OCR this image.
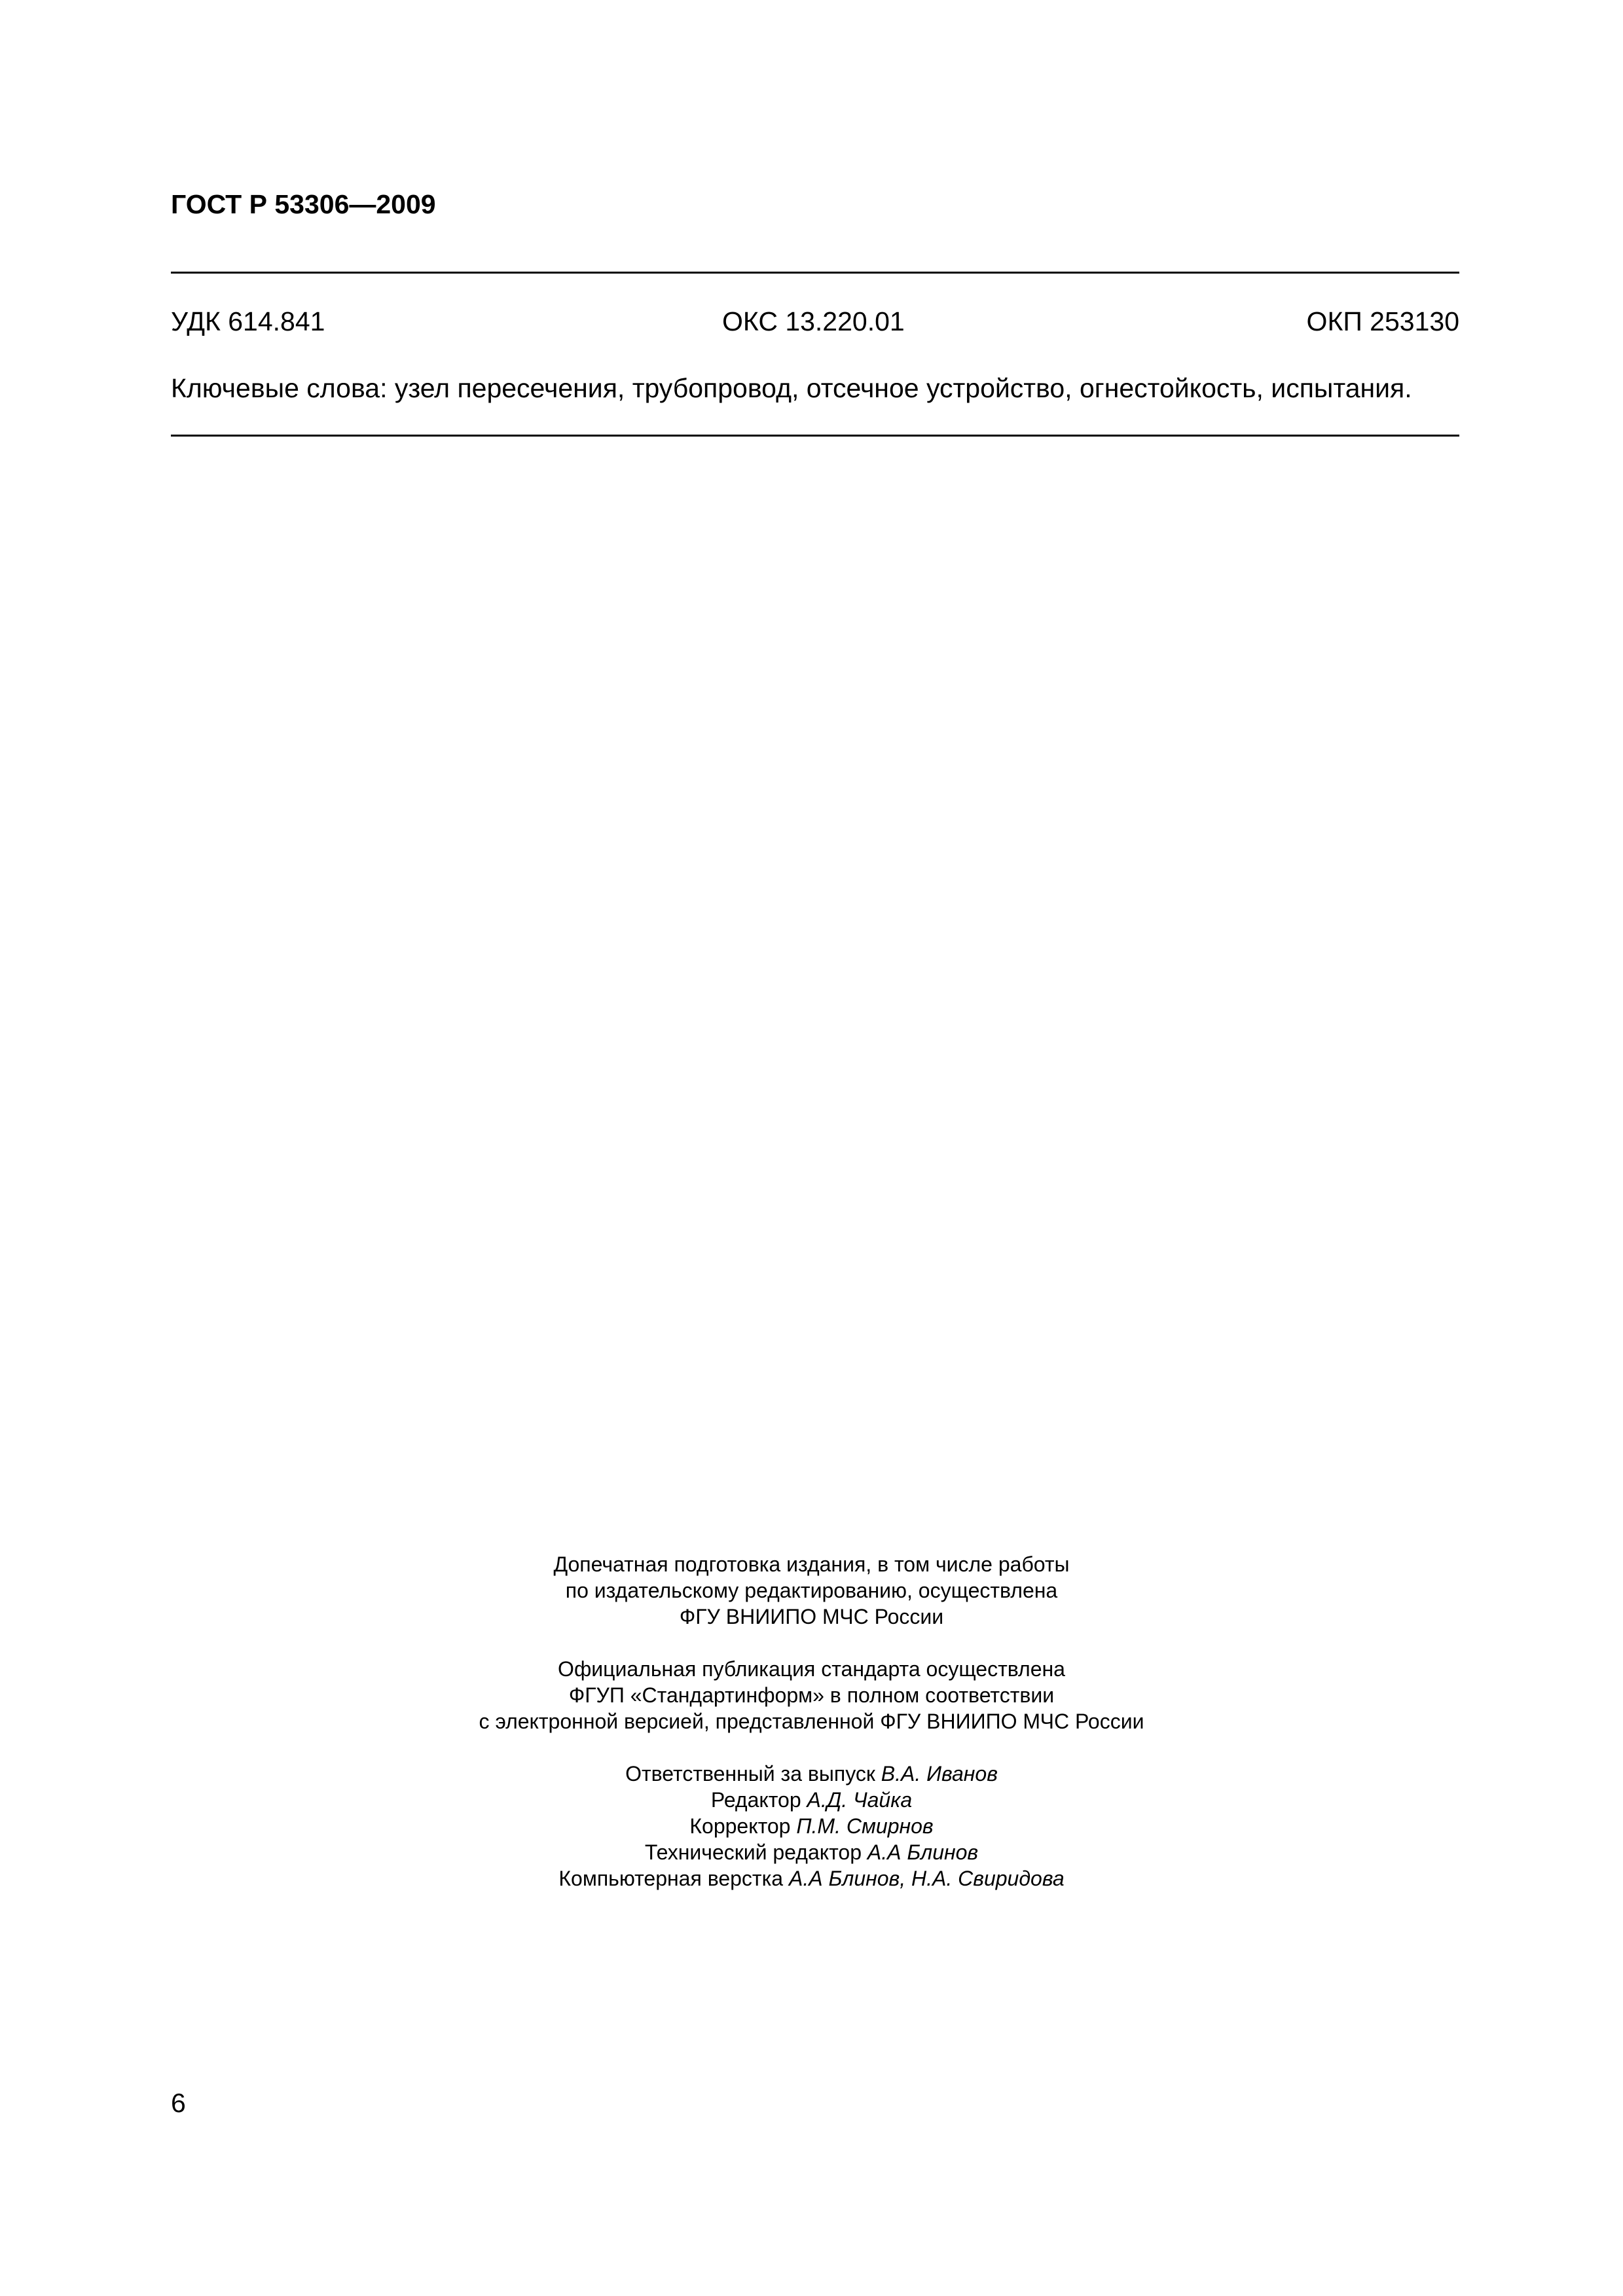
ГОСТ Р 53306—2009
УДК 614.841	ОКС 13.220.01	ОКП 253130
Ключевые слова: узел пересечения, трубопровод, отсечное устройство, огнестойкость, испытания.

Допечатная подготовка издания, в том числе работы

по издательскому редактированию, осуществлена

ФГУ ВНИИПО МЧС России

Официальная публикация стандарта осуществлена

ФГУП «Стандартинформ» в полном соответствии

с электронной версией, представленной ФГУ ВНИИПО МЧС России

Ответственный за выпуск В.А. Иванов

Редактор А.Д. Чайка

Корректор П.М. Смирнов

Технический редактор А.А Блинов

Компьютерная верстка А.А Блинов, Н.А. Свиридова

6
